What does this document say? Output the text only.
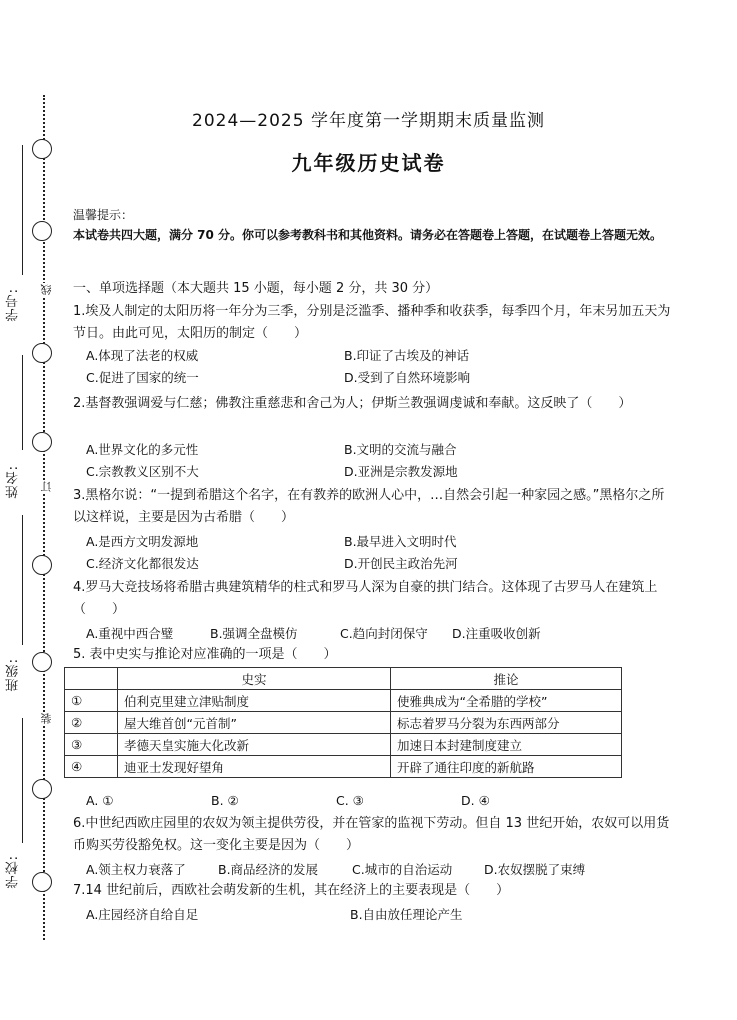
线
订
装
学号:
姓名:
班级:
学校:
2024—2025 学年度第一学期期末质量监测
九年级历史试卷
温馨提示：
本试卷共四大题，满分 70 分。你可以参考教科书和其他资料。请务必在答题卷上答题，在试题卷上答题无效。
一、单项选择题（本大题共 15 小题，每小题 2 分，共 30 分）
1.埃及人制定的太阳历将一年分为三季，分别是泛滥季、播种季和收获季，每季四个月，年末另加五天为节日。由此可见，太阳历的制定（　　）
A.体现了法老的权威	B.印证了古埃及的神话
C.促进了国家的统一	D.受到了自然环境影响
2.基督教强调爱与仁慈；佛教注重慈悲和舍己为人；伊斯兰教强调虔诚和奉献。这反映了（　　）
A.世界文化的多元性	B.文明的交流与融合
C.宗教教义区别不大	D.亚洲是宗教发源地
3.黑格尔说：“一提到希腊这个名字，在有教养的欧洲人心中，…自然会引起一种家园之感。”黑格尔之所以这样说，主要是因为古希腊（　　）
A.是西方文明发源地	B.最早进入文明时代
C.经济文化都很发达	D.开创民主政治先河
4.罗马大竞技场将希腊古典建筑精华的柱式和罗马人深为自豪的拱门结合。这体现了古罗马人在建筑上（　　）
A.重视中西合璧	B.强调全盘模仿	C.趋向封闭保守	D.注重吸收创新
5. 表中史实与推论对应准确的一项是（　　）
	史实	推论
①	伯利克里建立津贴制度	使雅典成为“全希腊的学校”
②	屋大维首创“元首制”	标志着罗马分裂为东西两部分
③	孝德天皇实施大化改新	加速日本封建制度建立
④	迪亚士发现好望角	开辟了通往印度的新航路
A. ①	B. ②	C. ③	D. ④
6.中世纪西欧庄园里的农奴为领主提供劳役，并在管家的监视下劳动。但自 13 世纪开始，农奴可以用货币购买劳役豁免权。这一变化主要是因为（　　）
A.领主权力衰落了	B.商品经济的发展	C.城市的自治运动	D.农奴摆脱了束缚
7.14 世纪前后，西欧社会萌发新的生机，其在经济上的主要表现是（　　）
A.庄园经济自给自足	B.自由放任理论产生
